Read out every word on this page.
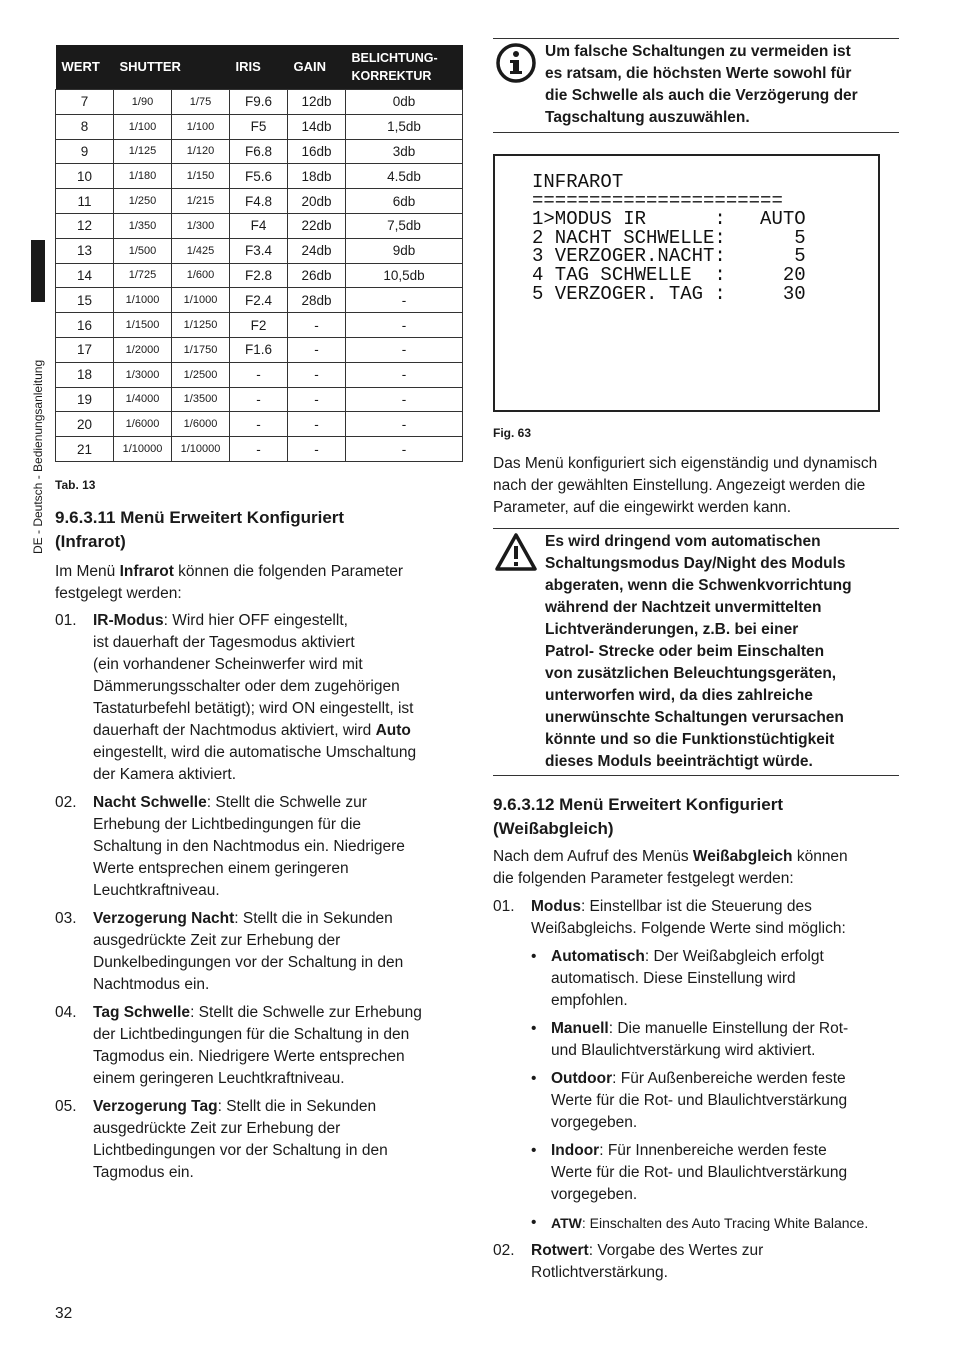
DE - Deutsch - Bedienungsanleitung
WERT	SHUTTER		IRIS	GAIN	BELICHTUNG-
KORREKTUR
7	1/90	1/75	F9.6	12db	0db
8	1/100	1/100	F5	14db	1,5db
9	1/125	1/120	F6.8	16db	3db
10	1/180	1/150	F5.6	18db	4.5db
11	1/250	1/215	F4.8	20db	6db
12	1/350	1/300	F4	22db	7,5db
13	1/500	1/425	F3.4	24db	9db
14	1/725	1/600	F2.8	26db	10,5db
15	1/1000	1/1000	F2.4	28db	-
16	1/1500	1/1250	F2	-	-
17	1/2000	1/1750	F1.6	-	-
18	1/3000	1/2500	-	-	-
19	1/4000	1/3500	-	-	-
20	1/6000	1/6000	-	-	-
21	1/10000	1/10000	-	-	-
Tab. 13
9.6.3.11 Menü Erweitert Konfiguriert
(Infrarot)
Im Menü Infrarot können die folgenden Parameter
festgelegt werden:
01. IR-Modus: Wird hier OFF eingestellt,
ist dauerhaft der Tagesmodus aktiviert
(ein vorhandener Scheinwerfer wird mit
Dämmerungsschalter oder dem zugehörigen
Tastaturbefehl betätigt); wird ON eingestellt, ist
dauerhaft der Nachtmodus aktiviert, wird Auto
eingestellt, wird die automatische Umschaltung
der Kamera aktiviert.
02. Nacht Schwelle: Stellt die Schwelle zur
Erhebung der Lichtbedingungen für die
Schaltung in den Nachtmodus ein. Niedrigere
Werte entsprechen einem geringeren
Leuchtkraftniveau.
03. Verzogerung Nacht: Stellt die in Sekunden
ausgedrückte Zeit zur Erhebung der
Dunkelbedingungen vor der Schaltung in den
Nachtmodus ein.
04. Tag Schwelle: Stellt die Schwelle zur Erhebung
der Lichtbedingungen für die Schaltung in den
Tagmodus ein. Niedrigere Werte entsprechen
einem geringeren Leuchtkraftniveau.
05. Verzogerung Tag: Stellt die in Sekunden
ausgedrückte Zeit zur Erhebung der
Lichtbedingungen vor der Schaltung in den
Tagmodus ein.
Um falsche Schaltungen zu vermeiden ist
es ratsam, die höchsten Werte sowohl für
die Schwelle als auch die Verzögerung der
Tagschaltung auszuwählen.
INFRAROT
======================
1>MODUS IR      :   AUTO
2 NACHT SCHWELLE:      5
3 VERZOGER.NACHT:      5
4 TAG SCHWELLE  :     20
5 VERZOGER. TAG :     30
Fig. 63
Das Menü konfiguriert sich eigenständig und dynamisch
nach der gewählten Einstellung. Angezeigt werden die
Parameter, auf die eingewirkt werden kann.
Es wird dringend vom automatischen
Schaltungsmodus Day/Night des Moduls
abgeraten, wenn die Schwenkvorrichtung
während der Nachtzeit unvermittelten
Lichtveränderungen, z.B. bei einer
Patrol- Strecke oder beim Einschalten
von zusätzlichen Beleuchtungsgeräten,
unterworfen wird, da dies zahlreiche
unerwünschte Schaltungen verursachen
könnte und so die Funktionstüchtigkeit
dieses Moduls beeinträchtigt würde.
9.6.3.12 Menü Erweitert Konfiguriert
(Weißabgleich)
Nach dem Aufruf des Menüs Weißabgleich können
die folgenden Parameter festgelegt werden:
01. Modus: Einstellbar ist die Steuerung des
Weißabgleichs. Folgende Werte sind möglich:
• Automatisch: Der Weißabgleich erfolgt
automatisch. Diese Einstellung wird
empfohlen.
• Manuell: Die manuelle Einstellung der Rot-
und Blaulichtverstärkung wird aktiviert.
• Outdoor: Für Außenbereiche werden feste
Werte für die Rot- und Blaulichtverstärkung
vorgegeben.
• Indoor: Für Innenbereiche werden feste
Werte für die Rot- und Blaulichtverstärkung
vorgegeben.
• ATW: Einschalten des Auto Tracing White Balance.
02. Rotwert: Vorgabe des Wertes zur
Rotlichtverstärkung.
32
